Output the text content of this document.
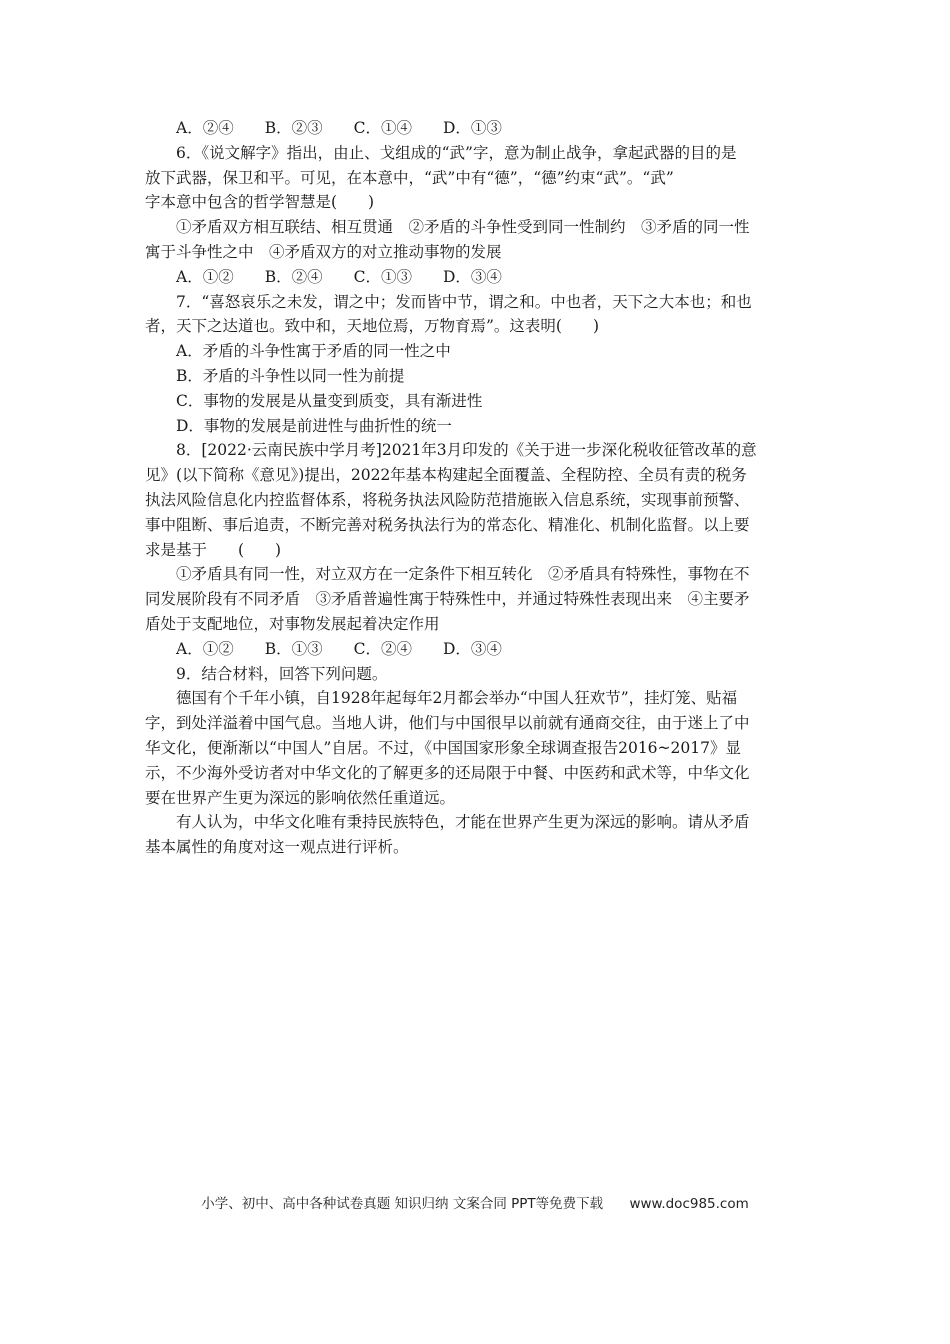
A．②④　　B．②③　　C．①④　　D．①③
6．《说文解字》指出，由止、戈组成的“武”字，意为制止战争，拿起武器的目的是
放下武器，保卫和平。可见，在本意中，“武”中有“德”，“德”约束“武”。“武”
字本意中包含的哲学智慧是(　　)
①矛盾双方相互联结、相互贯通　②矛盾的斗争性受到同一性制约　③矛盾的同一性
寓于斗争性之中　④矛盾双方的对立推动事物的发展
A．①②　　B．②④　　C．①③　　D．③④
7．“喜怒哀乐之未发，谓之中；发而皆中节，谓之和。中也者，天下之大本也；和也
者，天下之达道也。致中和，天地位焉，万物育焉”。这表明(　　)
A．矛盾的斗争性寓于矛盾的同一性之中
B．矛盾的斗争性以同一性为前提
C．事物的发展是从量变到质变，具有渐进性
D．事物的发展是前进性与曲折性的统一
8．[2022·云南民族中学月考]2021年3月印发的《关于进一步深化税收征管改革的意
见》(以下简称《意见》)提出，2022年基本构建起全面覆盖、全程防控、全员有责的税务
执法风险信息化内控监督体系，将税务执法风险防范措施嵌入信息系统，实现事前预警、
事中阻断、事后追责，不断完善对税务执法行为的常态化、精准化、机制化监督。以上要
求是基于　　(　　)
①矛盾具有同一性，对立双方在一定条件下相互转化　②矛盾具有特殊性，事物在不
同发展阶段有不同矛盾　③矛盾普遍性寓于特殊性中，并通过特殊性表现出来　④主要矛
盾处于支配地位，对事物发展起着决定作用
A．①②　　B．①③　　C．②④　　D．③④
9．结合材料，回答下列问题。
德国有个千年小镇，自1928年起每年2月都会举办“中国人狂欢节”，挂灯笼、贴福
字，到处洋溢着中国气息。当地人讲，他们与中国很早以前就有通商交往，由于迷上了中
华文化，便渐渐以“中国人”自居。不过，《中国国家形象全球调查报告2016~2017》显
示，不少海外受访者对中华文化的了解更多的还局限于中餐、中医药和武术等，中华文化
要在世界产生更为深远的影响依然任重道远。
有人认为，中华文化唯有秉持民族特色，才能在世界产生更为深远的影响。请从矛盾
基本属性的角度对这一观点进行评析。
小学、初中、高中各种试卷真题 知识归纳 文案合同 PPT等免费下载 www.doc985.com
